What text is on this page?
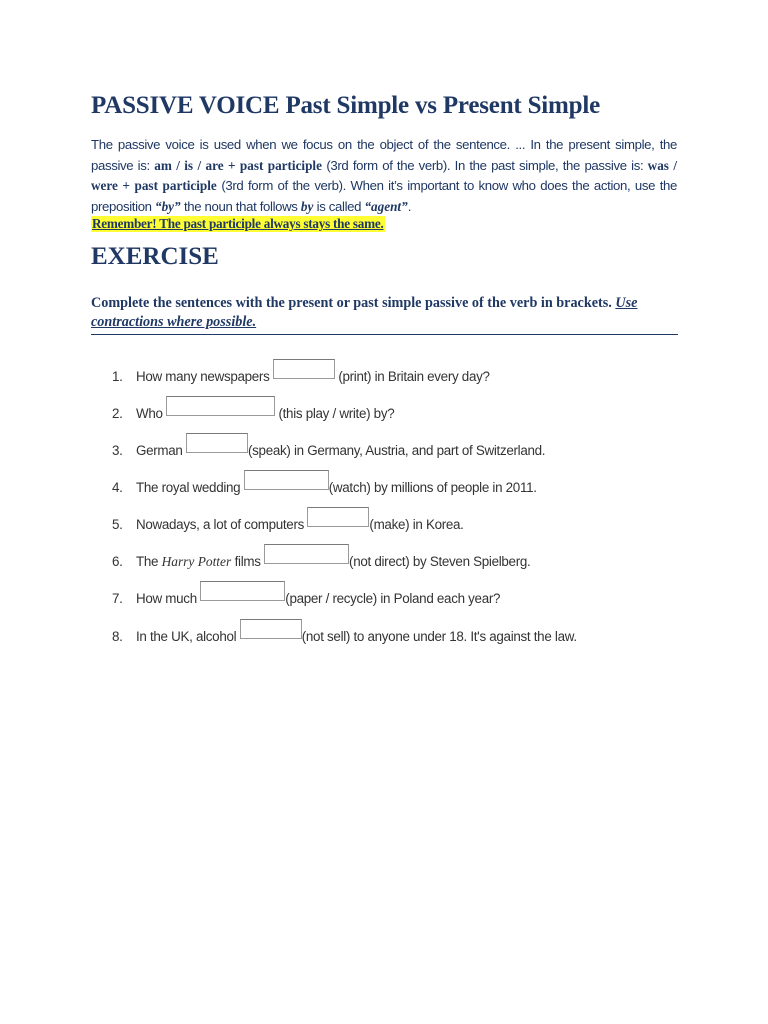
PASSIVE VOICE Past Simple vs Present Simple

The passive voice is used when we focus on the object of the sentence. ... In the present simple, the passive is: am / is / are + past participle (3rd form of the verb). In the past simple, the passive is: was / were + past participle (3rd form of the verb). When it’s important to know who does the action, use the preposition “by” the noun that follows by is called “agent”.

Remember! The past participle always stays the same.

EXERCISE

Complete the sentences with the present or past simple passive of the verb in brackets. Use contractions where possible.

1. How many newspapers	(print) in Britain every day?
2. Who	(this play / write) by?
3. German	(speak) in Germany, Austria, and part of Switzerland.
4. The royal wedding	(watch) by millions of people in 2011.
5. Nowadays, a lot of computers	(make) in Korea.
6. The Harry Potter films	(not direct) by Steven Spielberg.
7. How much	(paper / recycle) in Poland each year?
8. In the UK, alcohol	(not sell) to anyone under 18. It's against the law.
